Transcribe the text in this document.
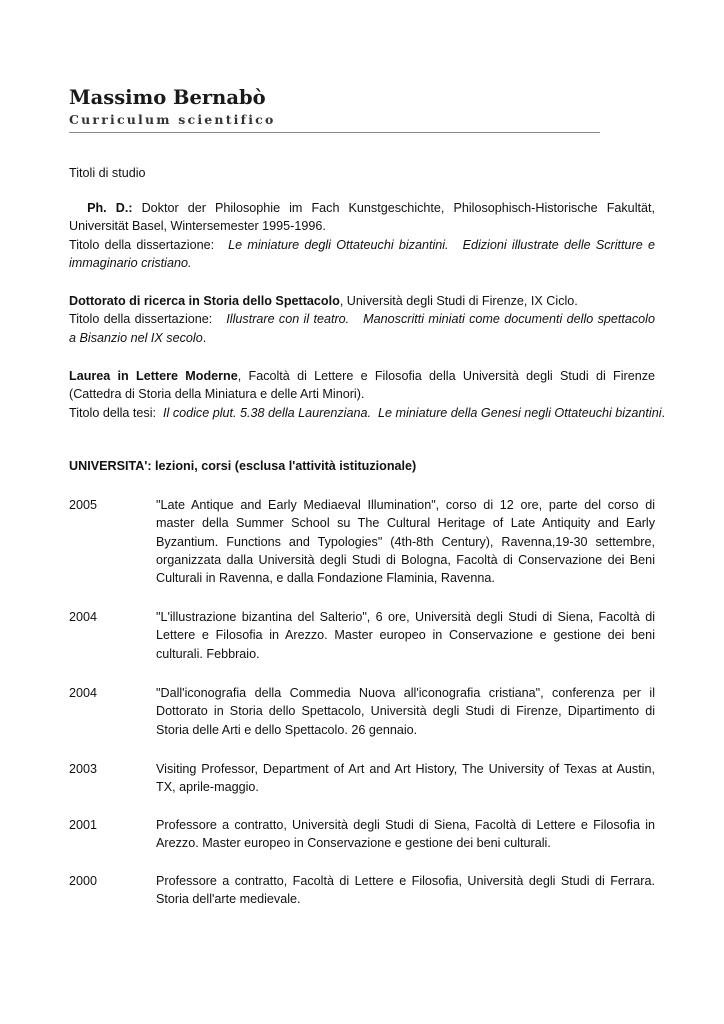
Massimo Bernabò
Curriculum scientifico
Titoli di studio

Ph. D.: Doktor der Philosophie im Fach Kunstgeschichte, Philosophisch-Historische Fakultät, Universität Basel, Wintersemester 1995-1996.

Titolo della dissertazione: Le miniature degli Ottateuchi bizantini. Edizioni illustrate delle Scritture e immaginario cristiano.

Dottorato di ricerca in Storia dello Spettacolo, Università degli Studi di Firenze, IX Ciclo.

Titolo della dissertazione: Illustrare con il teatro. Manoscritti miniati come documenti dello spettacolo a Bisanzio nel IX secolo.

Laurea in Lettere Moderne, Facoltà di Lettere e Filosofia della Università degli Studi di Firenze (Cattedra di Storia della Miniatura e delle Arti Minori).

Titolo della tesi: Il codice plut. 5.38 della Laurenziana. Le miniature della Genesi negli Ottateuchi bizantini.

UNIVERSITA': lezioni, corsi (esclusa l'attività istituzionale)
2005	"Late Antique and Early Mediaeval Illumination", corso di 12 ore, parte del corso di master della Summer School su The Cultural Heritage of Late Antiquity and Early Byzantium. Functions and Typologies" (4th-8th Century), Ravenna,19-30 settembre, organizzata dalla Università degli Studi di Bologna, Facoltà di Conservazione dei Beni Culturali in Ravenna, e dalla Fondazione Flaminia, Ravenna.

2004	"L'illustrazione bizantina del Salterio", 6 ore, Università degli Studi di Siena, Facoltà di Lettere e Filosofia in Arezzo. Master europeo in Conservazione e gestione dei beni culturali. Febbraio.

2004	"Dall'iconografia della Commedia Nuova all'iconografia cristiana", conferenza per il Dottorato in Storia dello Spettacolo, Università degli Studi di Firenze, Dipartimento di Storia delle Arti e dello Spettacolo. 26 gennaio.

2003	Visiting Professor, Department of Art and Art History, The University of Texas at Austin, TX, aprile-maggio.

2001	Professore a contratto, Università degli Studi di Siena, Facoltà di Lettere e Filosofia in Arezzo. Master europeo in Conservazione e gestione dei beni culturali.

2000	Professore a contratto, Facoltà di Lettere e Filosofia, Università degli Studi di Ferrara. Storia dell'arte medievale.
